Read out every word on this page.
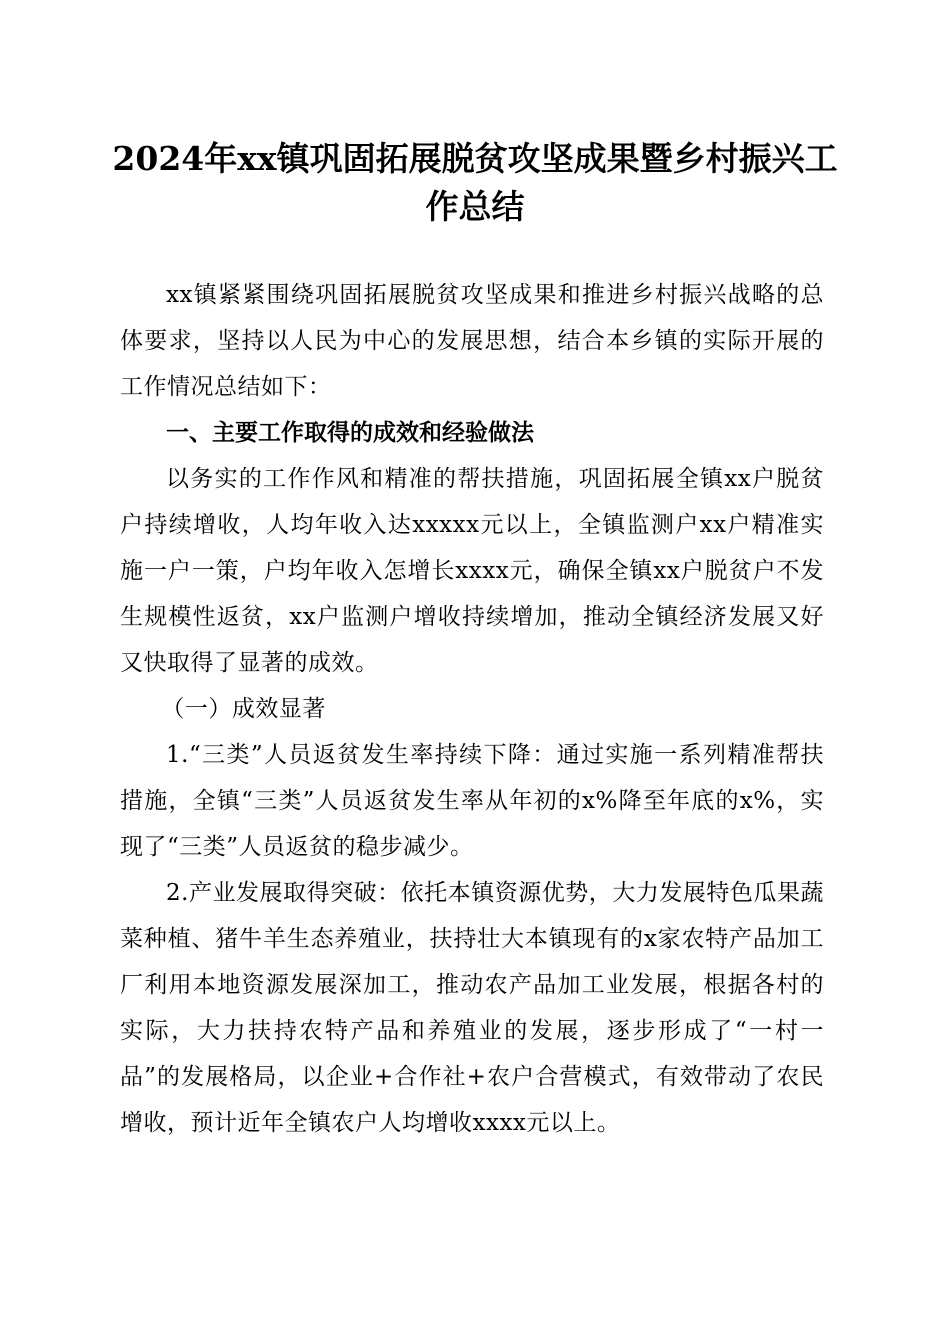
2024年xx镇巩固拓展脱贫攻坚成果暨乡村振兴工作总结

xx镇紧紧围绕巩固拓展脱贫攻坚成果和推进乡村振兴战略的总体要求，坚持以人民为中心的发展思想，结合本乡镇的实际开展的工作情况总结如下：

一、主要工作取得的成效和经验做法

以务实的工作作风和精准的帮扶措施，巩固拓展全镇xx户脱贫户持续增收，人均年收入达xxxxx元以上，全镇监测户xx户精准实施一户一策，户均年收入怎增长xxxx元，确保全镇xx户脱贫户不发生规模性返贫，xx户监测户增收持续增加，推动全镇经济发展又好又快取得了显著的成效。

（一）成效显著

1.“三类”人员返贫发生率持续下降：通过实施一系列精准帮扶措施，全镇“三类”人员返贫发生率从年初的x%降至年底的x%，实现了“三类”人员返贫的稳步减少。

2.产业发展取得突破：依托本镇资源优势，大力发展特色瓜果蔬菜种植、猪牛羊生态养殖业，扶持壮大本镇现有的x家农特产品加工厂利用本地资源发展深加工，推动农产品加工业发展，根据各村的实际，大力扶持农特产品和养殖业的发展，逐步形成了“一村一品”的发展格局，以企业+合作社+农户合营模式，有效带动了农民增收，预计近年全镇农户人均增收xxxx元以上。
